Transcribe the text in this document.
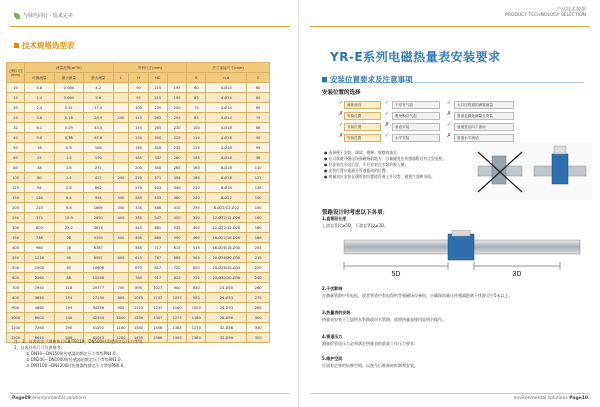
与绿色同行 · 追求完美
技术规格选型表
公称口径(mm)	流量范围(m³/h)			外形尺寸(mm)				法兰连接尺寸(mm)		
	可测流量	最小流量	最大流量	L	H	HC		K	n-d	C
10	0.8	0.064	4.2		90	215	195	60	4-Ø14	60
15	1.4	0.064	5.6		95	215	195	65	4-Ø14	60
20	2.4	0.11	17.5		105	235	200	75	4-Ø14	69
25	3.8	0.18	24.5	200	115	265	205	85	4-Ø14	75
32	6.1	0.29	43.4		140	265	230	100	4-Ø18	86
40	9.6	0.38	67.8		150	300	225	110	4-Ø18	90
50	16	0.6	106		165	318	235	125	4-Ø18	95
65	25	1.5	170		185	337	260	145	4-Ø18	98
80	38	1.6	271		200	350	265	160	8-Ø18	110
100	60	2.4	421	250	220	371	306	180	8-Ø18	121
125	94	2.8	662		250	403	340	210	8-Ø18	136
150	136	6.4	954	300	285	433	380	240	8-Ø22	150
200	210	9.6	1669	350	335	486	410	295	8-Ø22/12-Ø22	150
250	375	15.9	2650	400	385	547	450	350	12-Ø22/12-Ø26	160
300	600	23.2	3816		440	681	535	400	12-Ø22/12-Ø26	160
350	738	28	5193	500	495	685	590	460	16-Ø22/16-Ø26	186
400	960	28	6787		565	717	615	515	16-Ø26/16-Ø30	205
450	1216	40	8591	600	615	767	665	565	20-Ø26/20-Ø30	215
500	1500	60	10606		670	817	720	620	20-Ø26/20-Ø33	220
600	2160	86	15268		780	917	825	725	20-Ø30/20-Ø36	240
700	2940	118	20777	700	895	1027	940	840	24-Ø30	260
800	3840	154	27130	800	1015	1137	1055	950	24-Ø33	270
900	4860	194	34336	900	1115	1237	1160	1050	28-Ø33	280
1000	6000	240	42390	1000	1230	1347	1275	1160	28-Ø36	300
1100	7260	290	51292	1100	1340	1456	1385	1270	32-Ø36	310
1200	8640	346	61043	1200	1455	1566	1495	1380	32-Ø39	320
注：1、仪表的法兰规格执行GB/T9119，DN500时需提供实际压力等级；
2、仪表外形尺寸仅供参考；
① DN10～DN150时传感器的额定压力等级PN4.0；
② DN200～DN1000时传感器的额定压力等级PN1.0；
③ DN1100～DN1200时传感器的额定压力等级PN0.6。
Page09 environmental solutions
产品技术数据
PRODUCT TECHNOLOGY SELECTION
YR-E系列电磁热量表安装要求
安装位置要求及注意事项
安装位置的选择
✓	流体流向	✓	不应有气泡	✓	大口径管道的满管测量
✗	安装位置	✓	避免积存气泡	✗	管道走高处测量点安装
✓	安装位置	✗	垂直安装	✓	管道竖直向下流动
✗	安装位置	✓	水平安装	✗	管道水平流动
● 选择便于安装、调试、维修、观察的地方；
● 应可靠避开强电场强磁场的地方，尽量避免在传感器附近有大型电机；
● 应安装在水泵后面，不应安装在水泵的吸入端；
● 安装位置应能避开管道振动的位置；
● 热量表应安装在满管的位置或管道上升段等，避免气泡和杂质。
管路设计时考虑以下各项：
1.直管段长度
上游直管段≥5D，下游直管段≥3D。
5D	3D
2.干扰影响
在测量管路中有电机，或者管道中有电焊机等强磁场设备时，应确保流量计传感器距离干扰源至少5米以上。
3.热量表的安装
热量表安装于上游供水管路或回水管路，依照热量表使用说明书操作。
4.管道压力
测量时管道压力必须满足热量表的最高工作压力要求。
5.维护空间
应留有足够的检修空间，以便今后维修时拆卸和安装。
environmental solutions Page10
